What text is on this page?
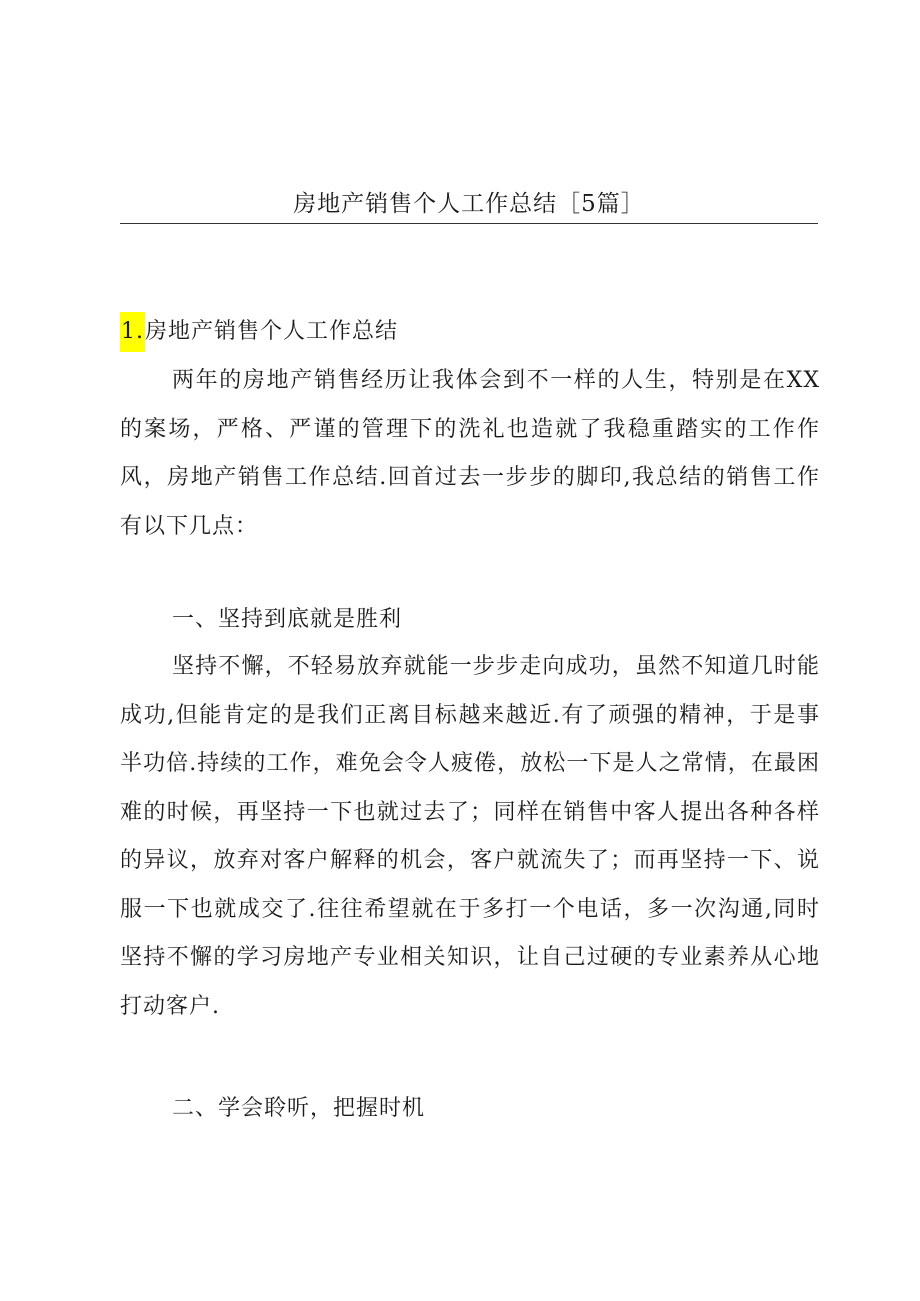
房地产销售个人工作总结［5篇］
1.房地产销售个人工作总结

两年的房地产销售经历让我体会到不一样的人生，特别是在XX的案场，严格、严谨的管理下的洗礼也造就了我稳重踏实的工作作风，房地产销售工作总结.回首过去一步步的脚印,我总结的销售工作有以下几点：

一、坚持到底就是胜利

坚持不懈，不轻易放弃就能一步步走向成功，虽然不知道几时能成功,但能肯定的是我们正离目标越来越近.有了顽强的精神，于是事半功倍.持续的工作，难免会令人疲倦，放松一下是人之常情，在最困难的时候，再坚持一下也就过去了；同样在销售中客人提出各种各样的异议，放弃对客户解释的机会，客户就流失了；而再坚持一下、说服一下也就成交了.往往希望就在于多打一个电话，多一次沟通,同时坚持不懈的学习房地产专业相关知识，让自己过硬的专业素养从心地打动客户.

二、学会聆听，把握时机
